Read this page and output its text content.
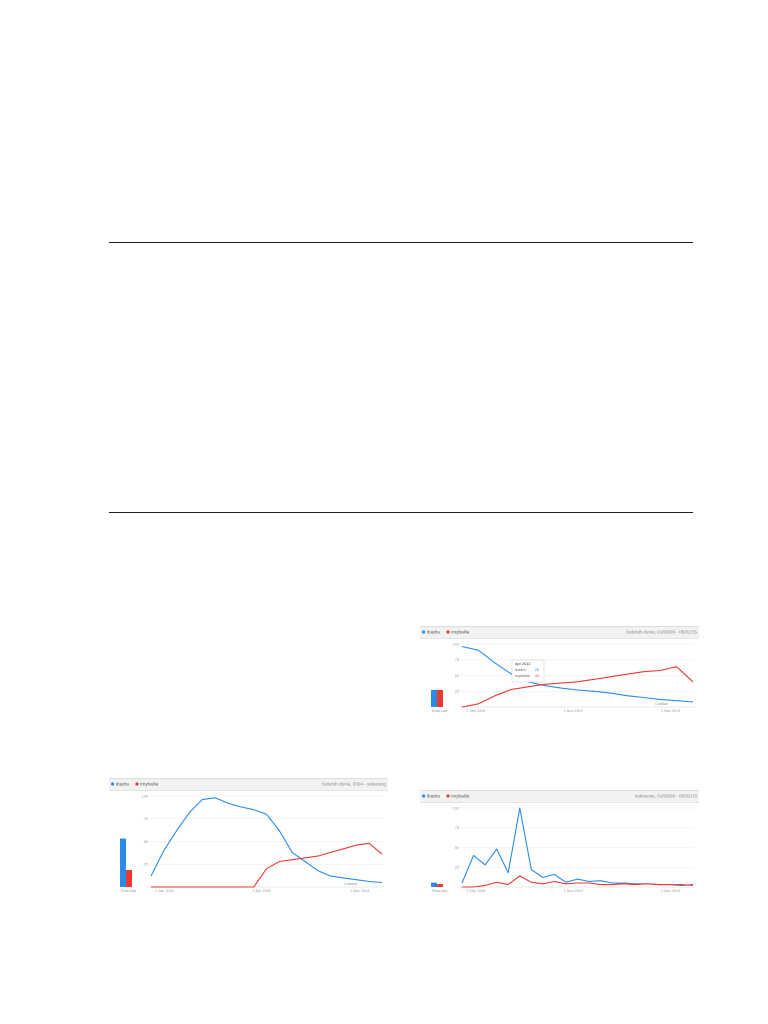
ibadra	imybailia	Seluruh dunia, 2004 - sekarang
100
75
50
25
1 Jan 2004	1 Apr 2009	1 Mar 2014
Rata-rata
Catatan
ibadra	imybailia	Seluruh dunia, 01/09/09 - 05/02/15
100
75
50
25
1 Sep 2009	1 Nov 2012	1 Nov 2014
Rata-rata
Catatan
Apr 2012
ibadra 26
imybailia 34
ibadra	imybailia	Indonesia, 01/09/09 - 05/02/15
100
75
50
25
1 Sep 2009	1 Nov 2012	1 Nov 2014
Rata-rata
